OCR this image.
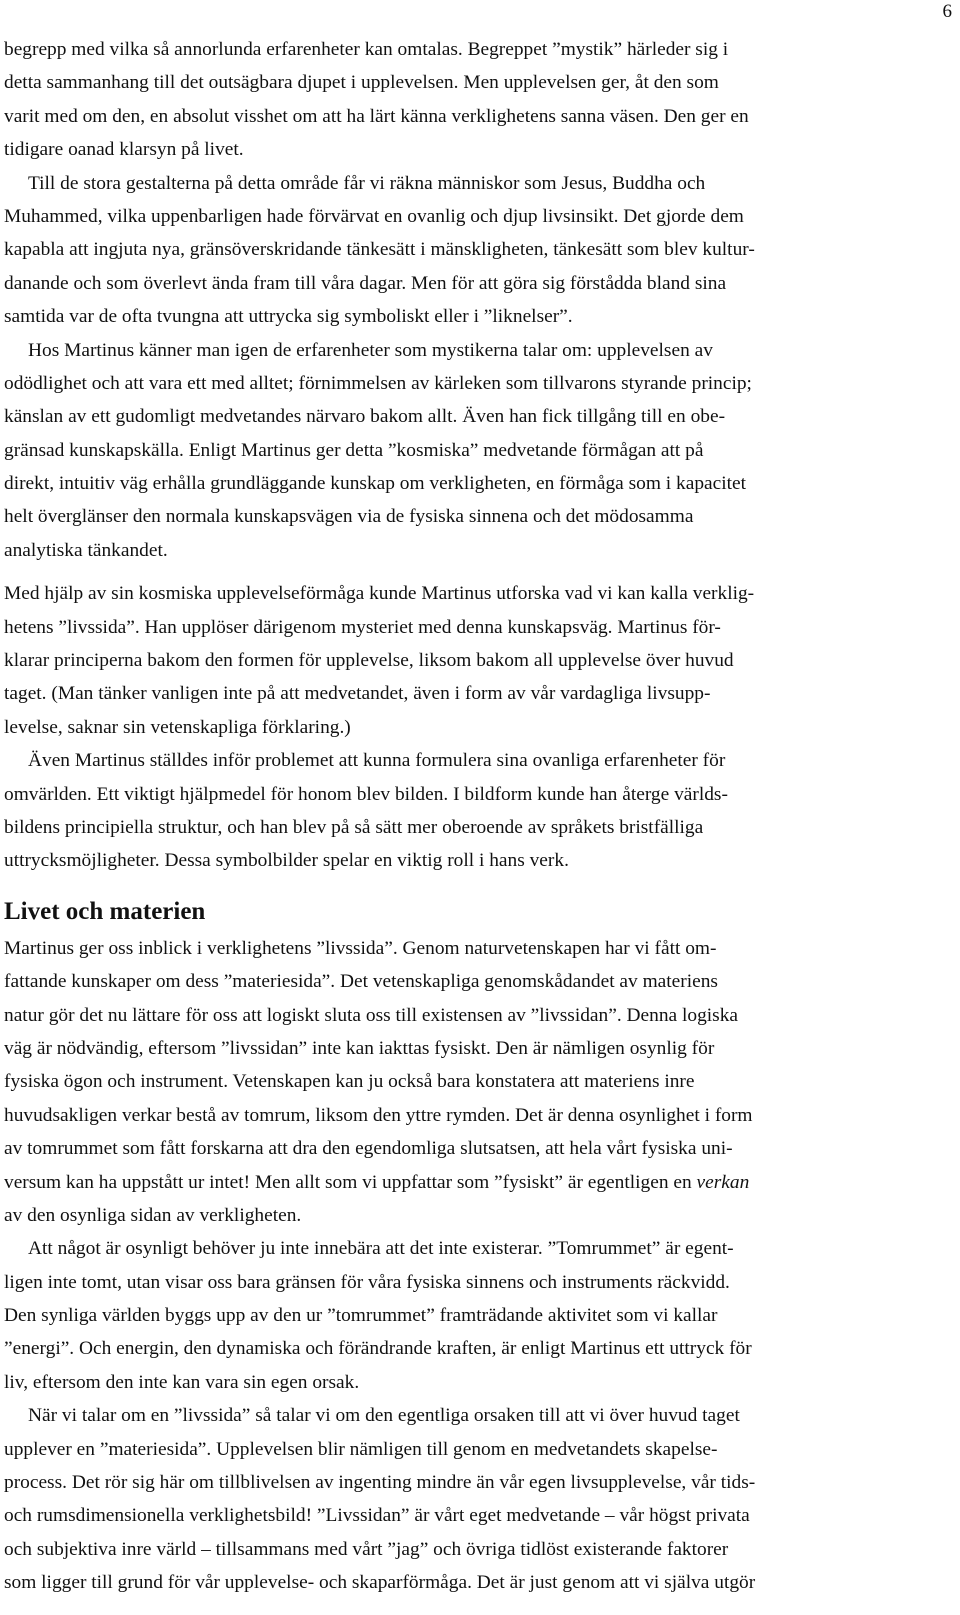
6
begrepp med vilka så annorlunda erfarenheter kan omtalas. Begreppet ”mystik” härleder sig i
detta sammanhang till det outsägbara djupet i upplevelsen. Men upplevelsen ger, åt den som
varit med om den, en absolut visshet om att ha lärt känna verklighetens sanna väsen. Den ger en
tidigare oanad klarsyn på livet.
Till de stora gestalterna på detta område får vi räkna människor som Jesus, Buddha och
Muhammed, vilka uppenbarligen hade förvärvat en ovanlig och djup livsinsikt. Det gjorde dem
kapabla att ingjuta nya, gränsöverskridande tänkesätt i mänskligheten, tänkesätt som blev kultur-
danande och som överlevt ända fram till våra dagar. Men för att göra sig förstådda bland sina
samtida var de ofta tvungna att uttrycka sig symboliskt eller i ”liknelser”.
Hos Martinus känner man igen de erfarenheter som mystikerna talar om: upplevelsen av
odödlighet och att vara ett med alltet; förnimmelsen av kärleken som tillvarons styrande princip;
känslan av ett gudomligt medvetandes närvaro bakom allt. Även han fick tillgång till en obe-
gränsad kunskapskälla. Enligt Martinus ger detta ”kosmiska” medvetande förmågan att på
direkt, intuitiv väg erhålla grundläggande kunskap om verkligheten, en förmåga som i kapacitet
helt överglänser den normala kunskapsvägen via de fysiska sinnena och det mödosamma
analytiska tänkandet.
Med hjälp av sin kosmiska upplevelseförmåga kunde Martinus utforska vad vi kan kalla verklig-
hetens ”livssida”. Han upplöser därigenom mysteriet med denna kunskapsväg. Martinus för-
klarar principerna bakom den formen för upplevelse, liksom bakom all upplevelse över huvud
taget. (Man tänker vanligen inte på att medvetandet, även i form av vår vardagliga livsupp-
levelse, saknar sin vetenskapliga förklaring.)
Även Martinus ställdes inför problemet att kunna formulera sina ovanliga erfarenheter för
omvärlden. Ett viktigt hjälpmedel för honom blev bilden. I bildform kunde han återge världs-
bildens principiella struktur, och han blev på så sätt mer oberoende av språkets bristfälliga
uttrycksmöjligheter. Dessa symbolbilder spelar en viktig roll i hans verk.
Livet och materien
Martinus ger oss inblick i verklighetens ”livssida”. Genom naturvetenskapen har vi fått om-
fattande kunskaper om dess ”materiesida”. Det vetenskapliga genomskådandet av materiens
natur gör det nu lättare för oss att logiskt sluta oss till existensen av ”livssidan”. Denna logiska
väg är nödvändig, eftersom ”livssidan” inte kan iakttas fysiskt. Den är nämligen osynlig för
fysiska ögon och instrument. Vetenskapen kan ju också bara konstatera att materiens inre
huvudsakligen verkar bestå av tomrum, liksom den yttre rymden. Det är denna osynlighet i form
av tomrummet som fått forskarna att dra den egendomliga slutsatsen, att hela vårt fysiska uni-
versum kan ha uppstått ur intet! Men allt som vi uppfattar som ”fysiskt” är egentligen en verkan
av den osynliga sidan av verkligheten.
Att något är osynligt behöver ju inte innebära att det inte existerar. ”Tomrummet” är egent-
ligen inte tomt, utan visar oss bara gränsen för våra fysiska sinnens och instruments räckvidd.
Den synliga världen byggs upp av den ur ”tomrummet” framträdande aktivitet som vi kallar
”energi”. Och energin, den dynamiska och förändrande kraften, är enligt Martinus ett uttryck för
liv, eftersom den inte kan vara sin egen orsak.
När vi talar om en ”livssida” så talar vi om den egentliga orsaken till att vi över huvud taget
upplever en ”materiesida”. Upplevelsen blir nämligen till genom en medvetandets skapelse-
process. Det rör sig här om tillblivelsen av ingenting mindre än vår egen livsupplevelse, vår tids-
och rumsdimensionella verklighetsbild! ”Livssidan” är vårt eget medvetande – vår högst privata
och subjektiva inre värld – tillsammans med vårt ”jag” och övriga tidlöst existerande faktorer
som ligger till grund för vår upplevelse- och skaparförmåga. Det är just genom att vi själva utgör
